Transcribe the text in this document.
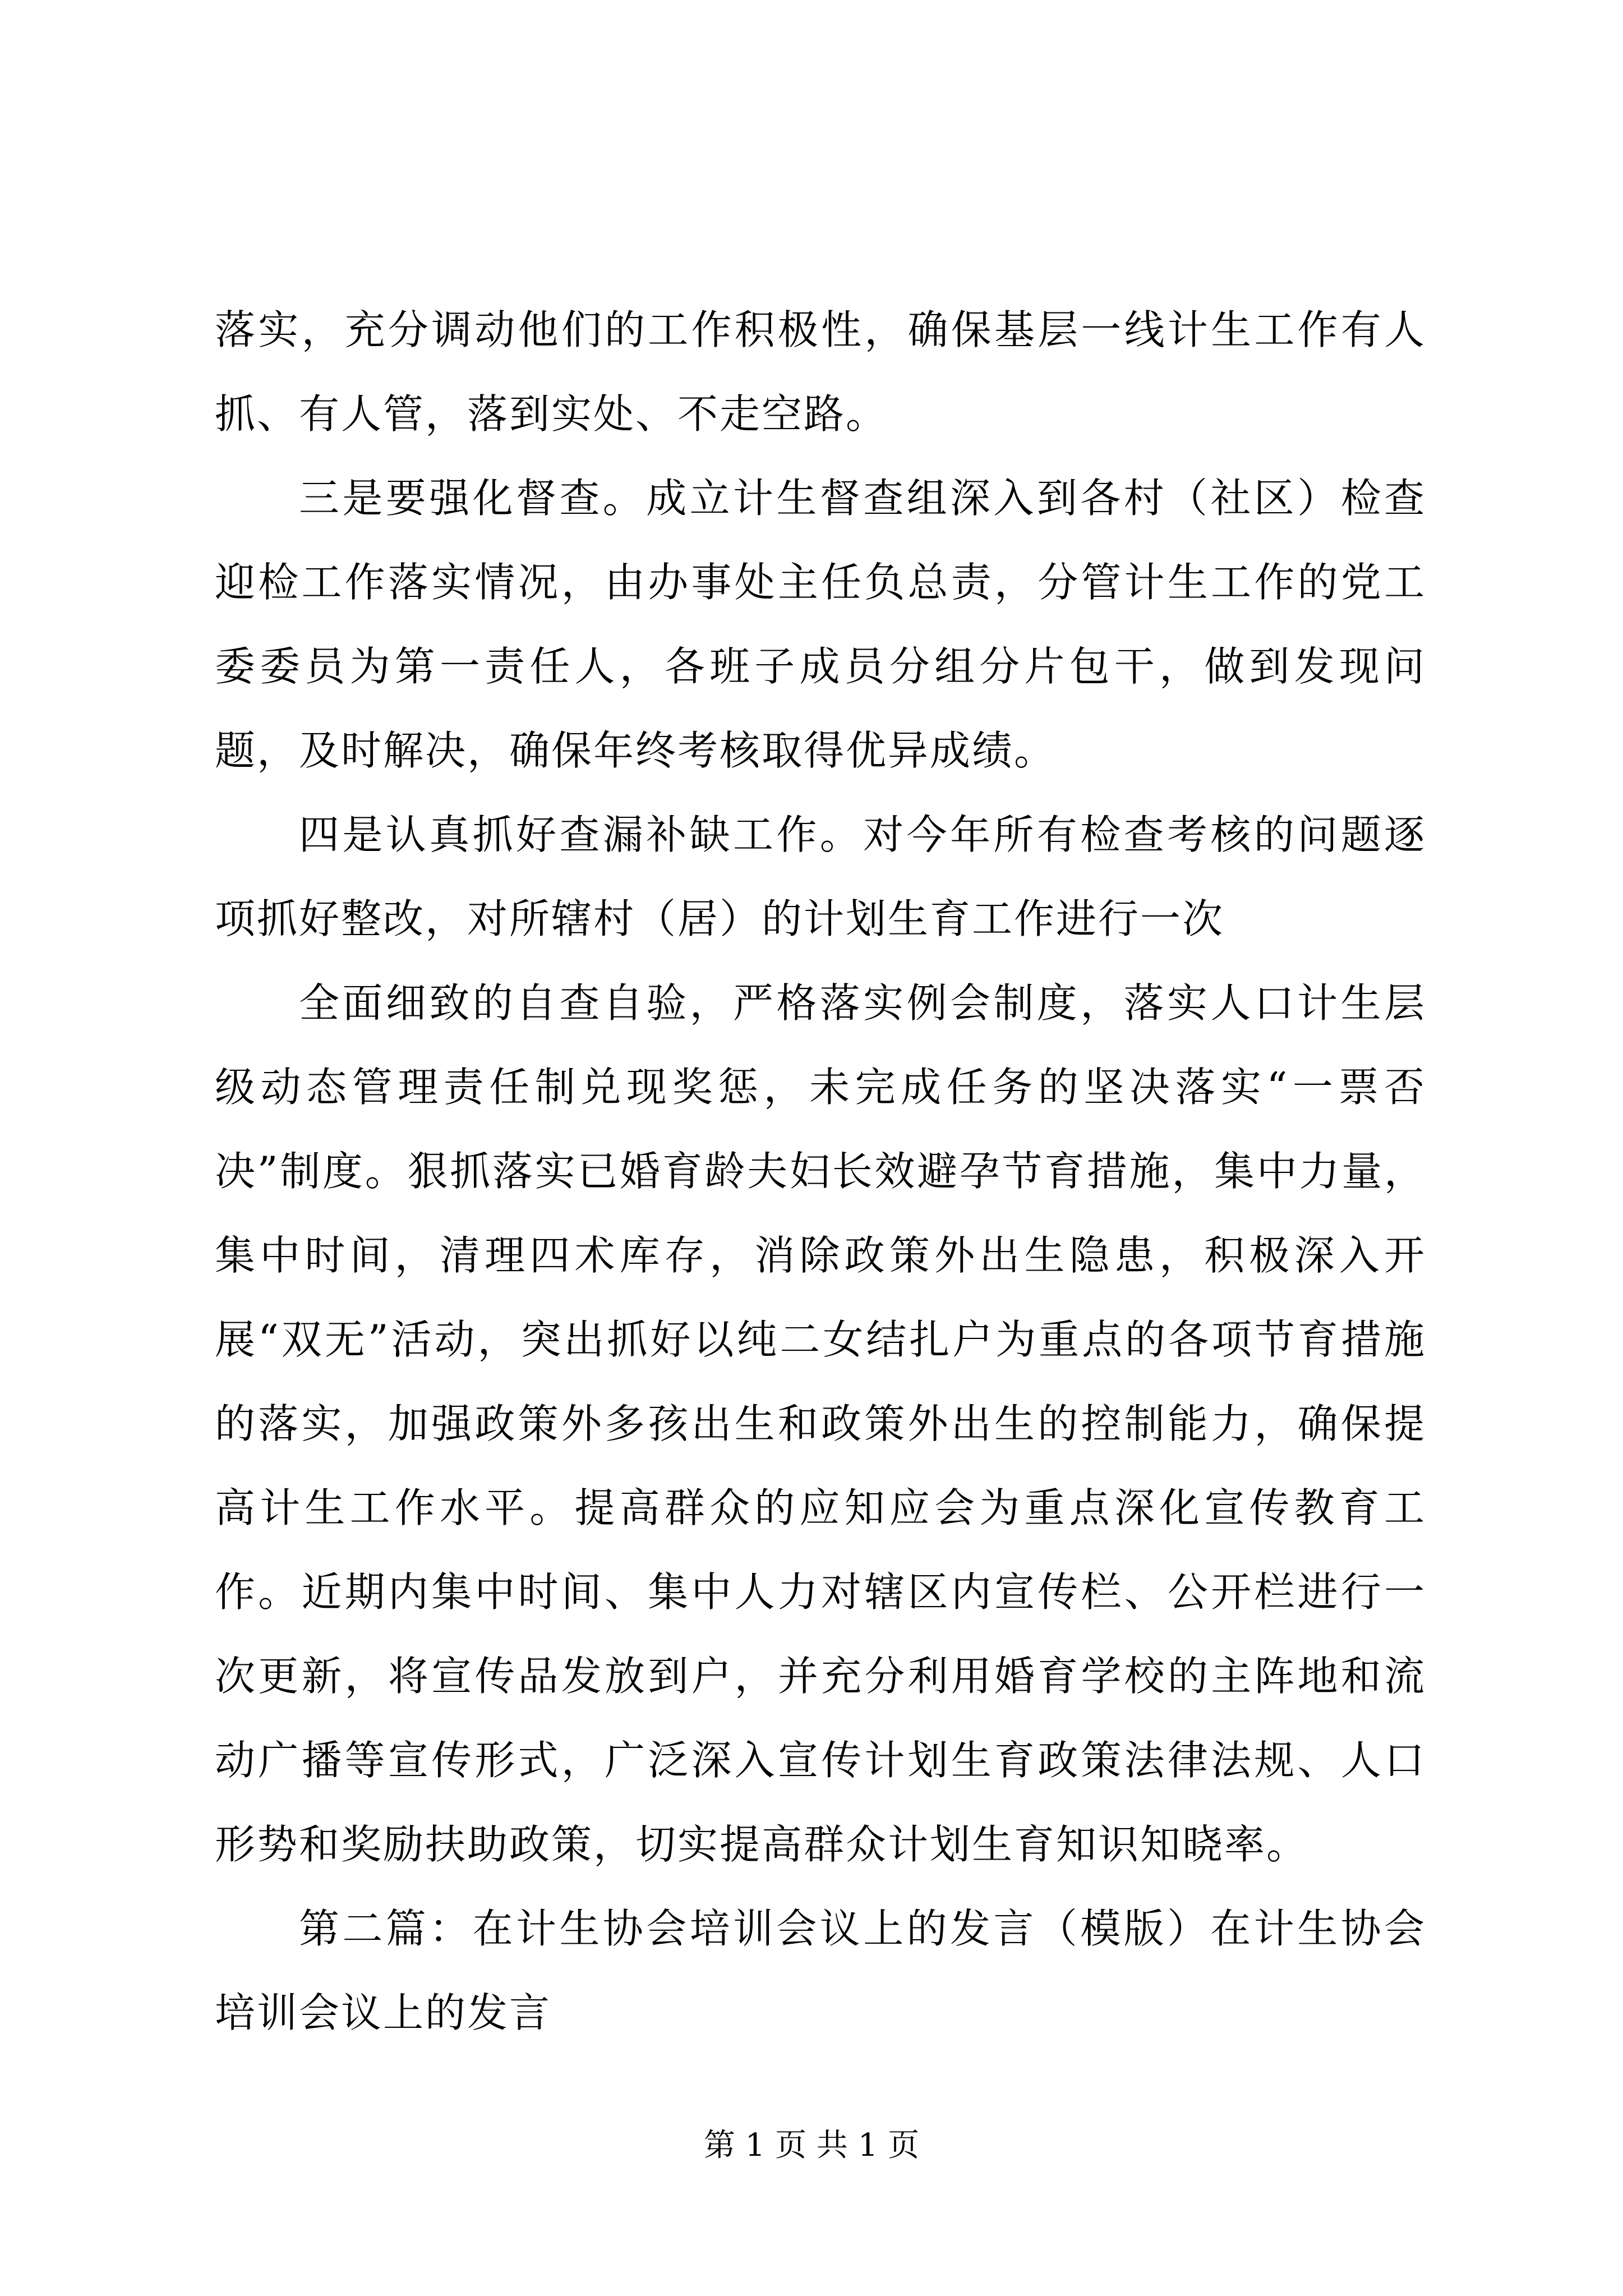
落实，充分调动他们的工作积极性，确保基层一线计生工作有人抓、有人管，落到实处、不走空路。

三是要强化督查。成立计生督查组深入到各村（社区）检查迎检工作落实情况，由办事处主任负总责，分管计生工作的党工委委员为第一责任人，各班子成员分组分片包干，做到发现问题，及时解决，确保年终考核取得优异成绩。

四是认真抓好查漏补缺工作。对今年所有检查考核的问题逐项抓好整改，对所辖村（居）的计划生育工作进行一次

全面细致的自查自验，严格落实例会制度，落实人口计生层级动态管理责任制兑现奖惩，未完成任务的坚决落实“一票否决”制度。狠抓落实已婚育龄夫妇长效避孕节育措施，集中力量，集中时间，清理四术库存，消除政策外出生隐患，积极深入开展“双无”活动，突出抓好以纯二女结扎户为重点的各项节育措施的落实，加强政策外多孩出生和政策外出生的控制能力，确保提高计生工作水平。提高群众的应知应会为重点深化宣传教育工作。近期内集中时间、集中人力对辖区内宣传栏、公开栏进行一次更新，将宣传品发放到户，并充分利用婚育学校的主阵地和流动广播等宣传形式，广泛深入宣传计划生育政策法律法规、人口形势和奖励扶助政策，切实提高群众计划生育知识知晓率。

第二篇：在计生协会培训会议上的发言（模版）在计生协会培训会议上的发言

第 1 页 共 1 页
